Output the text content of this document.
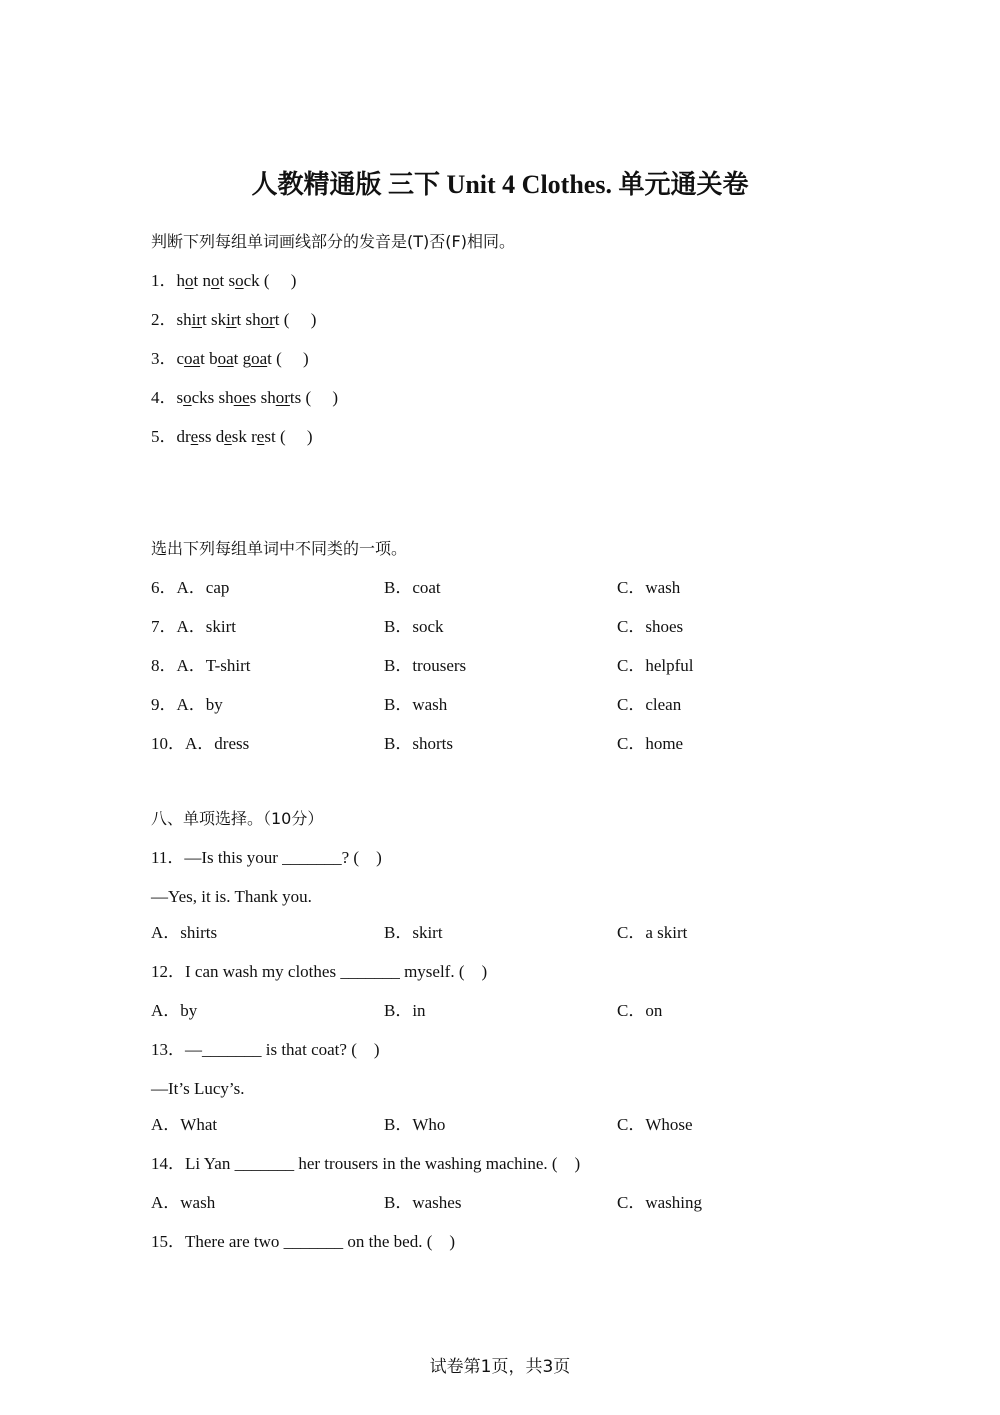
人教精通版 三下 Unit 4 Clothes. 单元通关卷
判断下列每组单词画线部分的发音是(T)否(F)相同。
1．hot not sock (　 )
2．shirt skirt short (　 )
3．coat boat goat (　 )
4．socks shoes shorts (　 )
5．dress desk rest (　 )
选出下列每组单词中不同类的一项。
6．A．cap	B．coat	C．wash
7．A．skirt	B．sock	C．shoes
8．A．T-shirt	B．trousers	C．helpful
9．A．by	B．wash	C．clean
10．A．dress	B．shorts	C．home
八、单项选择。（10分）
11．—Is this your _______? (　)
—Yes, it is. Thank you.
A．shirts	B．skirt	C．a skirt
12．I can wash my clothes _______ myself. (　)
A．by	B．in	C．on
13．—_______ is that coat? (　)
—It’s Lucy’s.
A．What	B．Who	C．Whose
14．Li Yan _______ her trousers in the washing machine. (　)
A．wash	B．washes	C．washing
15．There are two _______ on the bed. (　)
试卷第1页，共3页
